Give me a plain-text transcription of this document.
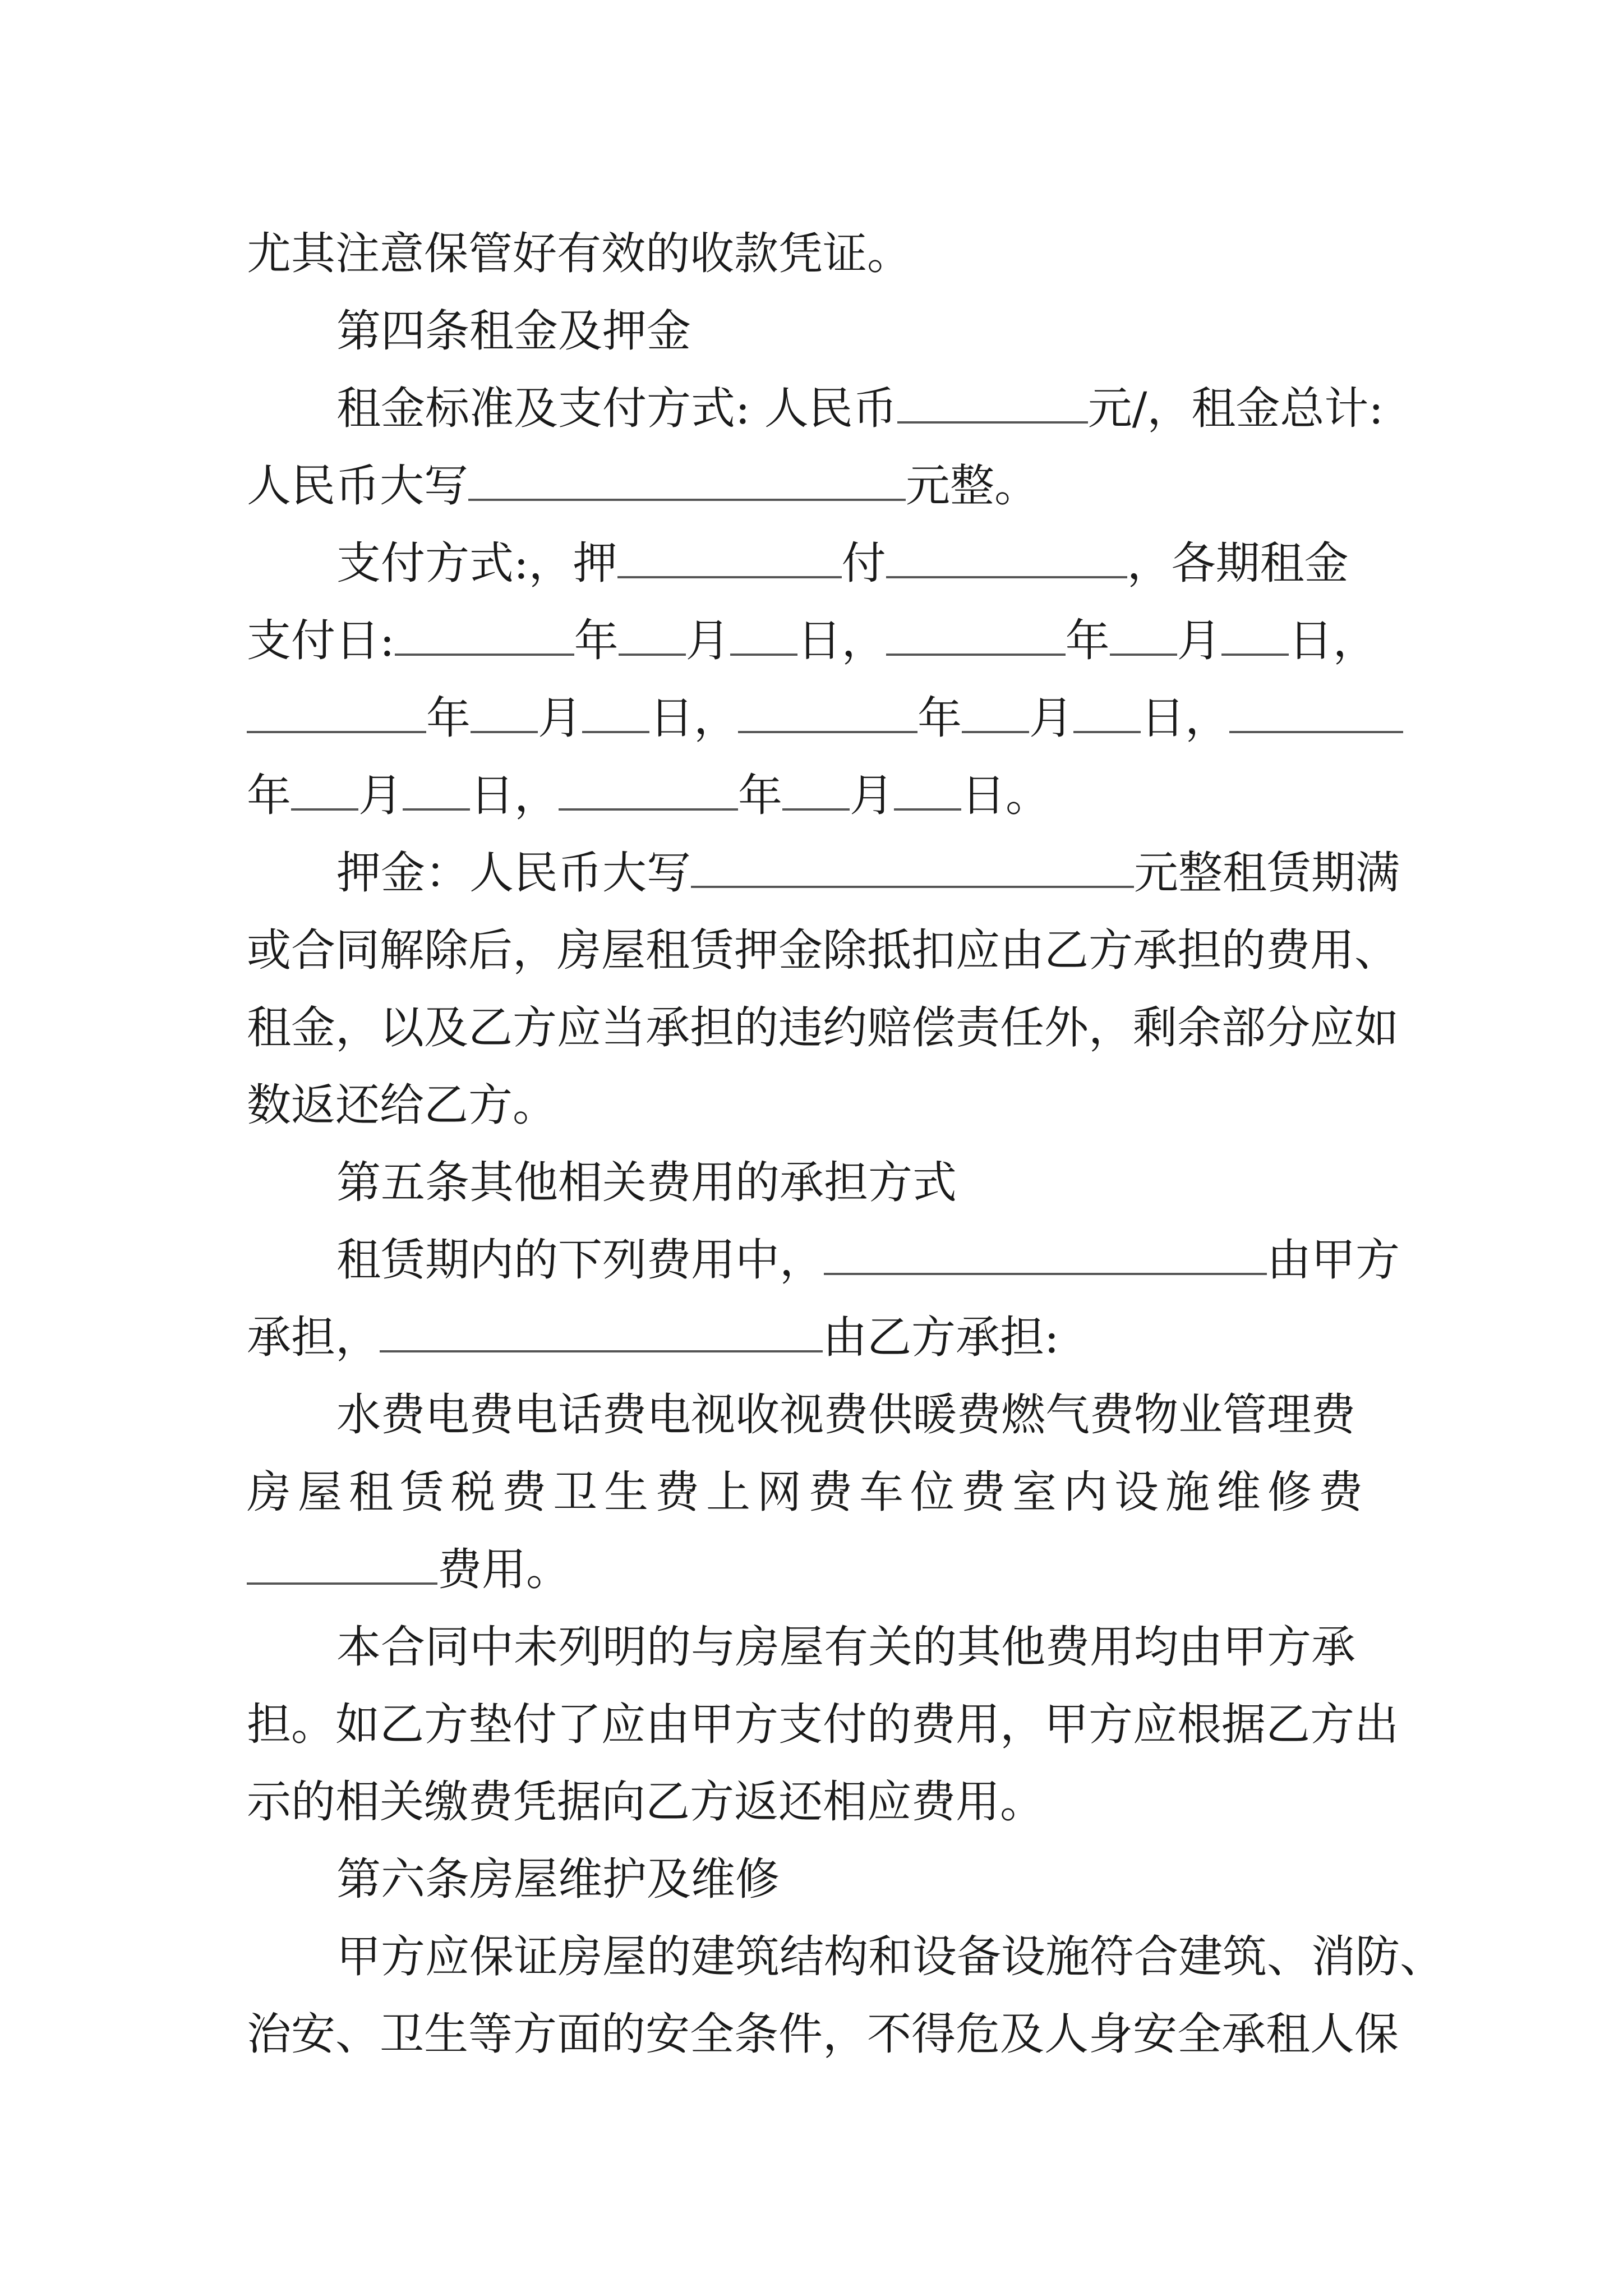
尤其注意保管好有效的收款凭证。
第四条租金及押金
租金标准及支付方式: 人民币	元/，租金总计:
人民币大写	元整。
支付方式:，押	付	，各期租金
支付日:	年 月 日，	年 月 日，
年 月 日，	年 月 日，
年 月 日，	年 月 日。
押金：人民币大写	元整租赁期满
或合同解除后，房屋租赁押金除抵扣应由乙方承担的费用、
租金，以及乙方应当承担的违约赔偿责任外，剩余部分应如
数返还给乙方。
第五条其他相关费用的承担方式
租赁期内的下列费用中，	由甲方
承担，	由乙方承担:
水费电费电话费电视收视费供暖费燃气费物业管理费
房屋租赁税费卫生费上网费车位费室内设施维修费
费用。
本合同中未列明的与房屋有关的其他费用均由甲方承
担。如乙方垫付了应由甲方支付的费用，甲方应根据乙方出
示的相关缴费凭据向乙方返还相应费用。
第六条房屋维护及维修
甲方应保证房屋的建筑结构和设备设施符合建筑、消防、
治安、卫生等方面的安全条件，不得危及人身安全承租人保
